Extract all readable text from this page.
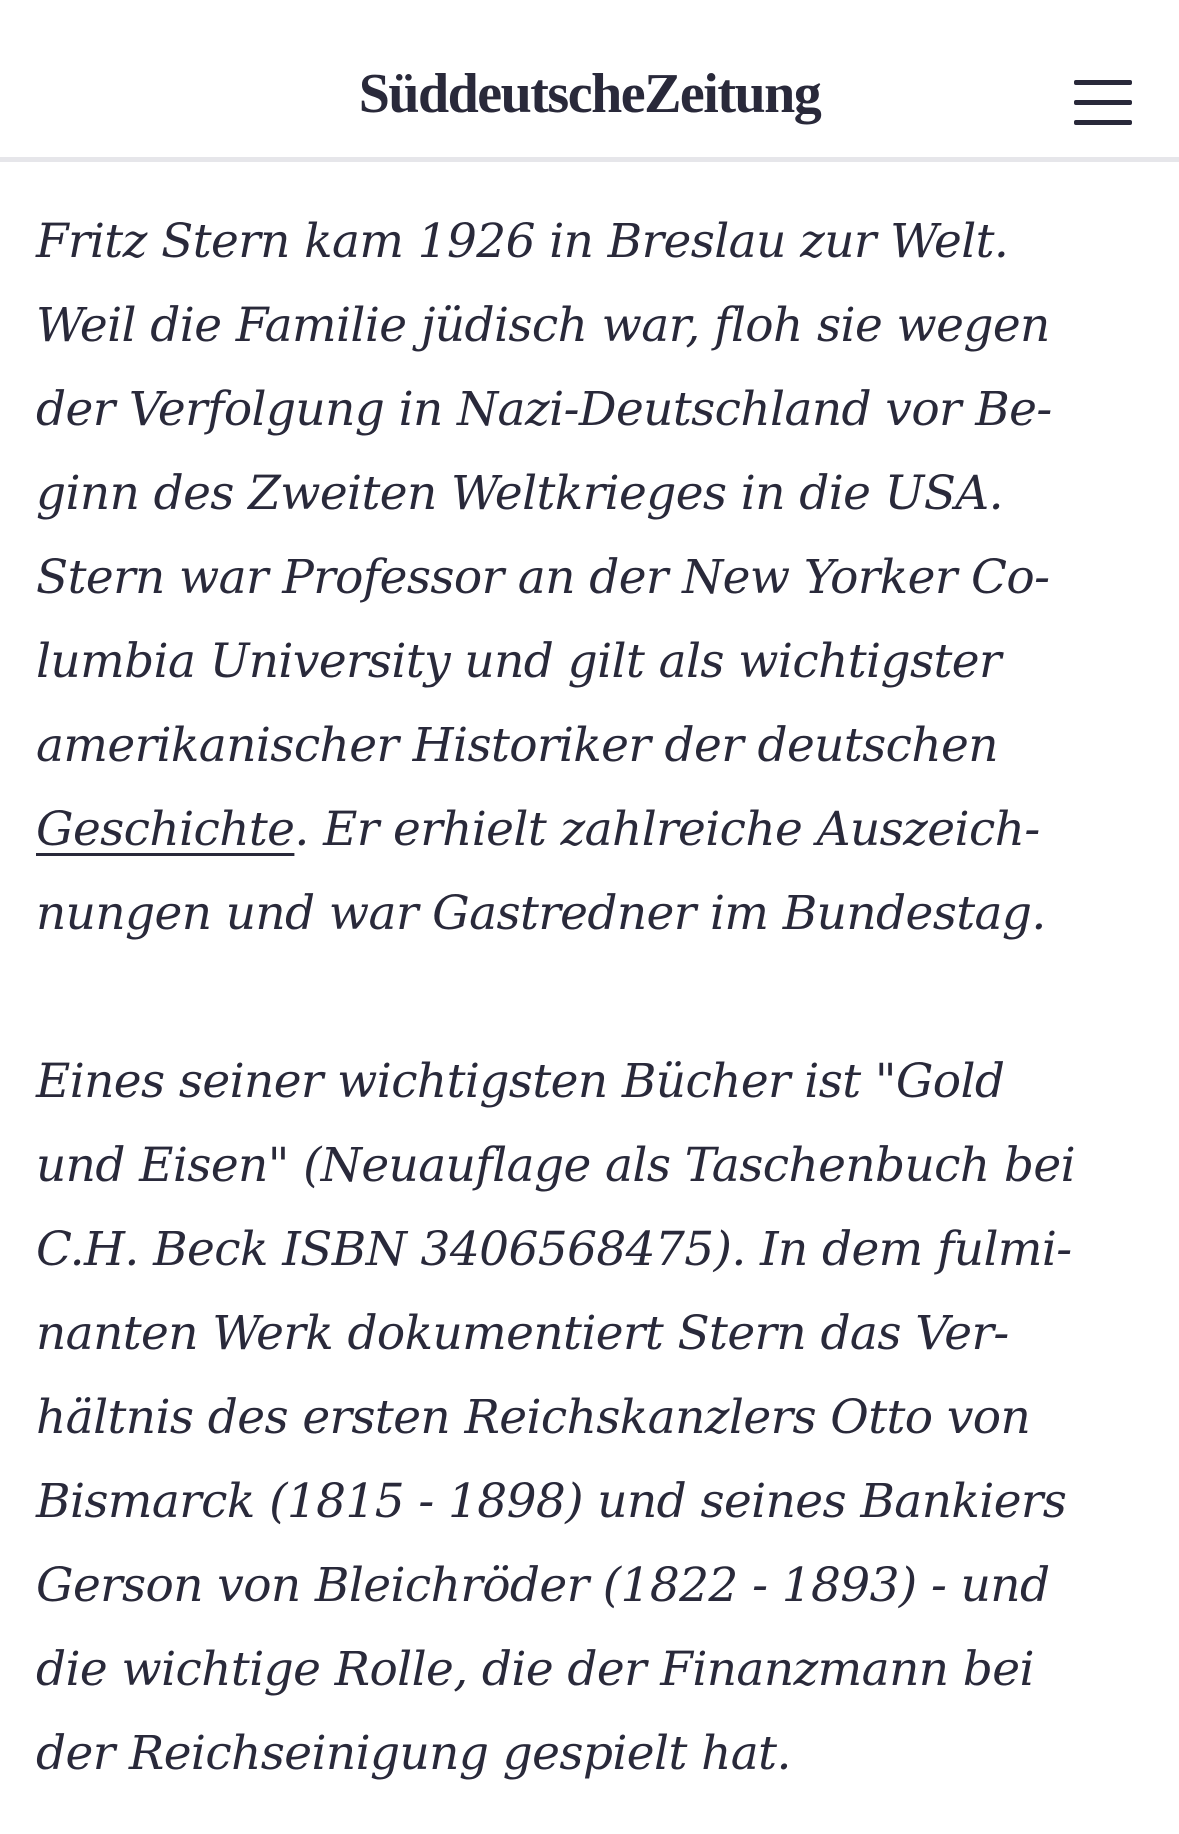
SüddeutscheZeitung

Fritz Stern kam 1926 in Breslau zur Welt.
Weil die Familie jüdisch war, floh sie wegen
der Verfolgung in Nazi-Deutschland vor Be-
ginn des Zweiten Weltkrieges in die USA.
Stern war Professor an der New Yorker Co-
lumbia University und gilt als wichtigster
amerikanischer Historiker der deutschen
Geschichte. Er erhielt zahlreiche Auszeich-
nungen und war Gastredner im Bundestag.

Eines seiner wichtigsten Bücher ist "Gold
und Eisen" (Neuauflage als Taschenbuch bei
C.H. Beck ISBN 3406568475). In dem fulmi-
nanten Werk dokumentiert Stern das Ver-
hältnis des ersten Reichskanzlers Otto von
Bismarck (1815 - 1898) und seines Bankiers
Gerson von Bleichröder (1822 - 1893) - und
die wichtige Rolle, die der Finanzmann bei
der Reichseinigung gespielt hat.
